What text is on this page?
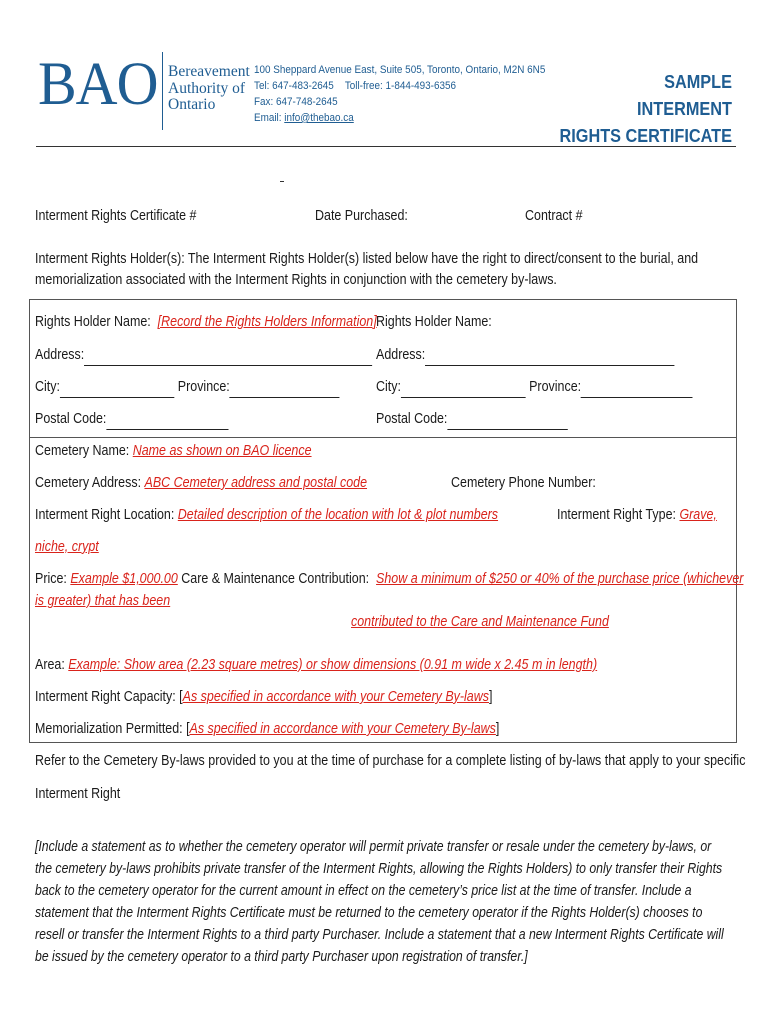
BAO Bereavement
Authority of
Ontario
100 Sheppard Avenue East, Suite 505, Toronto, Ontario, M2N 6N5
Tel: 647-483-2645 Toll-free: 1-844-493-6356
Fax: 647-748-2645
Email: info@thebao.ca
SAMPLE
INTERMENT
RIGHTS CERTIFICATE
Interment Rights Certificate #	Date Purchased:	Contract #
Interment Rights Holder(s): The Interment Rights Holder(s) listed below have the right to direct/consent to the burial, and
memorialization associated with the Interment Rights in conjunction with the cemetery by-laws.
Rights Holder Name: [Record the Rights Holders Information] Rights Holder Name:
Address:	Address:
City:	Province:	City:	Province:
Postal Code:	Postal Code:
Cemetery Name: Name as shown on BAO licence
Cemetery Address: ABC Cemetery address and postal code	Cemetery Phone Number:
Interment Right Location: Detailed description of the location with lot & plot numbers	Interment Right Type: Grave,
niche, crypt
Price: Example $1,000.00 Care & Maintenance Contribution:  Show a minimum of $250 or 40% of the purchase price (whichever
is greater) that has been
contributed to the Care and Maintenance Fund
Area: Example: Show area (2.23 square metres) or show dimensions (0.91 m wide x 2.45 m in length)
Interment Right Capacity: [As specified in accordance with your Cemetery By-laws]
Memorialization Permitted: [As specified in accordance with your Cemetery By-laws]
Refer to the Cemetery By-laws provided to you at the time of purchase for a complete listing of by-laws that apply to your specific
Interment Right
[Include a statement as to whether the cemetery operator will permit private transfer or resale under the cemetery by-laws, or the cemetery by-laws prohibits private transfer of the Interment Rights, allowing the Rights Holders) to only transfer their Rights back to the cemetery operator for the current amount in effect on the cemetery’s price list at the time of transfer. Include a statement that the Interment Rights Certificate must be returned to the cemetery operator if the Rights Holder(s) chooses to resell or transfer the Interment Rights to a third party Purchaser. Include a statement that a new Interment Rights Certificate will be issued by the cemetery operator to a third party Purchaser upon registration of transfer.]
